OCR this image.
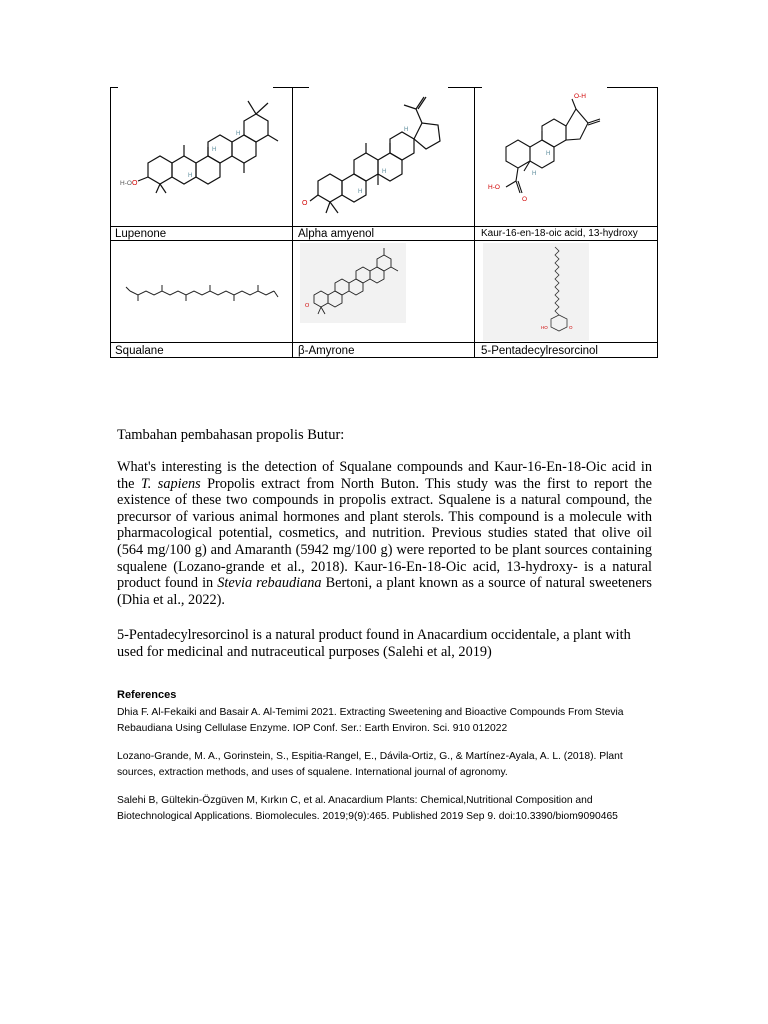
H-O O
H
H
H
Lupenone
O
H
H
H
Alpha amyenol
O-H
H-O
O
H
H
Kaur-16-en-18-oic acid, 13-hydroxy
Squalane
O
β-Amyrone
HO	O
5-Pentadecylresorcinol
Tambahan pembahasan propolis Butur:
What's interesting is the detection of Squalane compounds and Kaur-16-En-18-Oic acid in the T. sapiens Propolis extract from North Buton. This study was the first to report the existence of these two compounds in propolis extract. Squalene is a natural compound, the precursor of various animal hormones and plant sterols. This compound is a molecule with pharmacological potential, cosmetics, and nutrition. Previous studies stated that olive oil (564 mg/100 g) and Amaranth (5942 mg/100 g) were reported to be plant sources containing squalene (Lozano-grande et al., 2018). Kaur-16-En-18-Oic acid, 13-hydroxy- is a natural product found in Stevia rebaudiana Bertoni, a plant known as a source of natural sweeteners (Dhia et al., 2022).
5-Pentadecylresorcinol is a natural product found in Anacardium occidentale, a plant with used for medicinal and nutraceutical purposes (Salehi et al, 2019)
References
Dhia F. Al-Fekaiki and Basair A. Al-Temimi 2021. Extracting Sweetening and Bioactive Compounds From Stevia Rebaudiana Using Cellulase Enzyme. IOP Conf. Ser.: Earth Environ. Sci. 910 012022
Lozano-Grande, M. A., Gorinstein, S., Espitia-Rangel, E., Dávila-Ortiz, G., & Martínez-Ayala, A. L. (2018). Plant sources, extraction methods, and uses of squalene. International journal of agronomy.
Salehi B, Gültekin-Özgüven M, Kırkın C, et al. Anacardium Plants: Chemical,Nutritional Composition and Biotechnological Applications. Biomolecules. 2019;9(9):465. Published 2019 Sep 9. doi:10.3390/biom9090465
